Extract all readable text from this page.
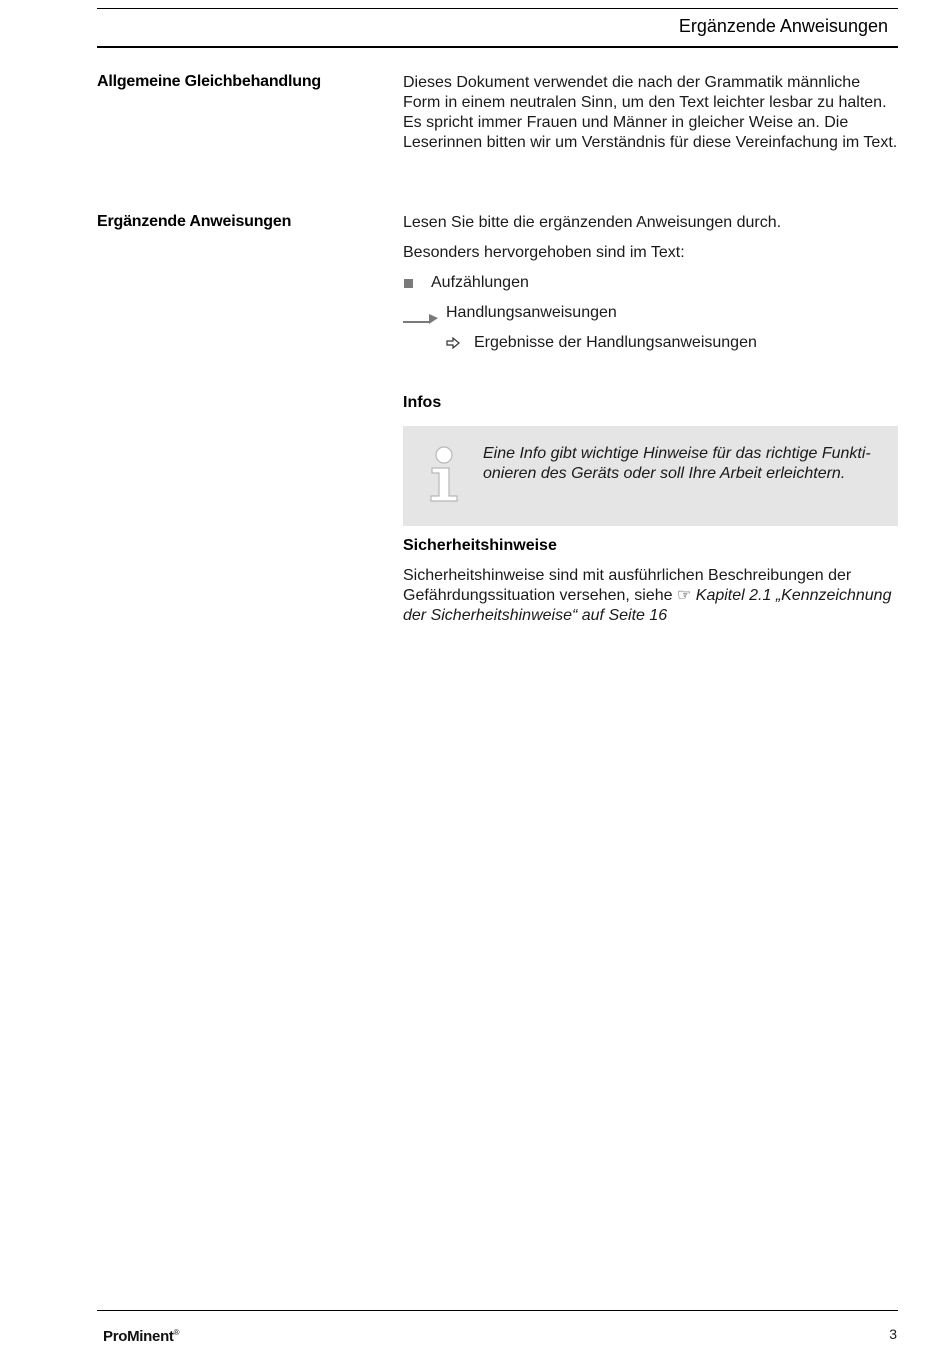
Ergänzende Anweisungen
Allgemeine Gleichbehandlung	Dieses Dokument verwendet die nach der Grammatik männliche Form in einem neutralen Sinn, um den Text leichter lesbar zu halten. Es spricht immer Frauen und Männer in gleicher Weise an. Die Leserinnen bitten wir um Verständnis für diese Vereinfachung im Text.
Ergänzende Anweisungen	Lesen Sie bitte die ergänzenden Anweisungen durch.
Besonders hervorgehoben sind im Text:
Aufzählungen
Handlungsanweisungen
Ergebnisse der Handlungsanweisungen
Infos
Eine Info gibt wichtige Hinweise für das richtige Funktionieren des Geräts oder soll Ihre Arbeit erleichtern.
Sicherheitshinweise
Sicherheitshinweise sind mit ausführlichen Beschreibungen der Gefährdungssituation versehen, siehe ☞ Kapitel 2.1 „Kennzeichnung der Sicherheitshinweise“ auf Seite 16
ProMinent®	3
